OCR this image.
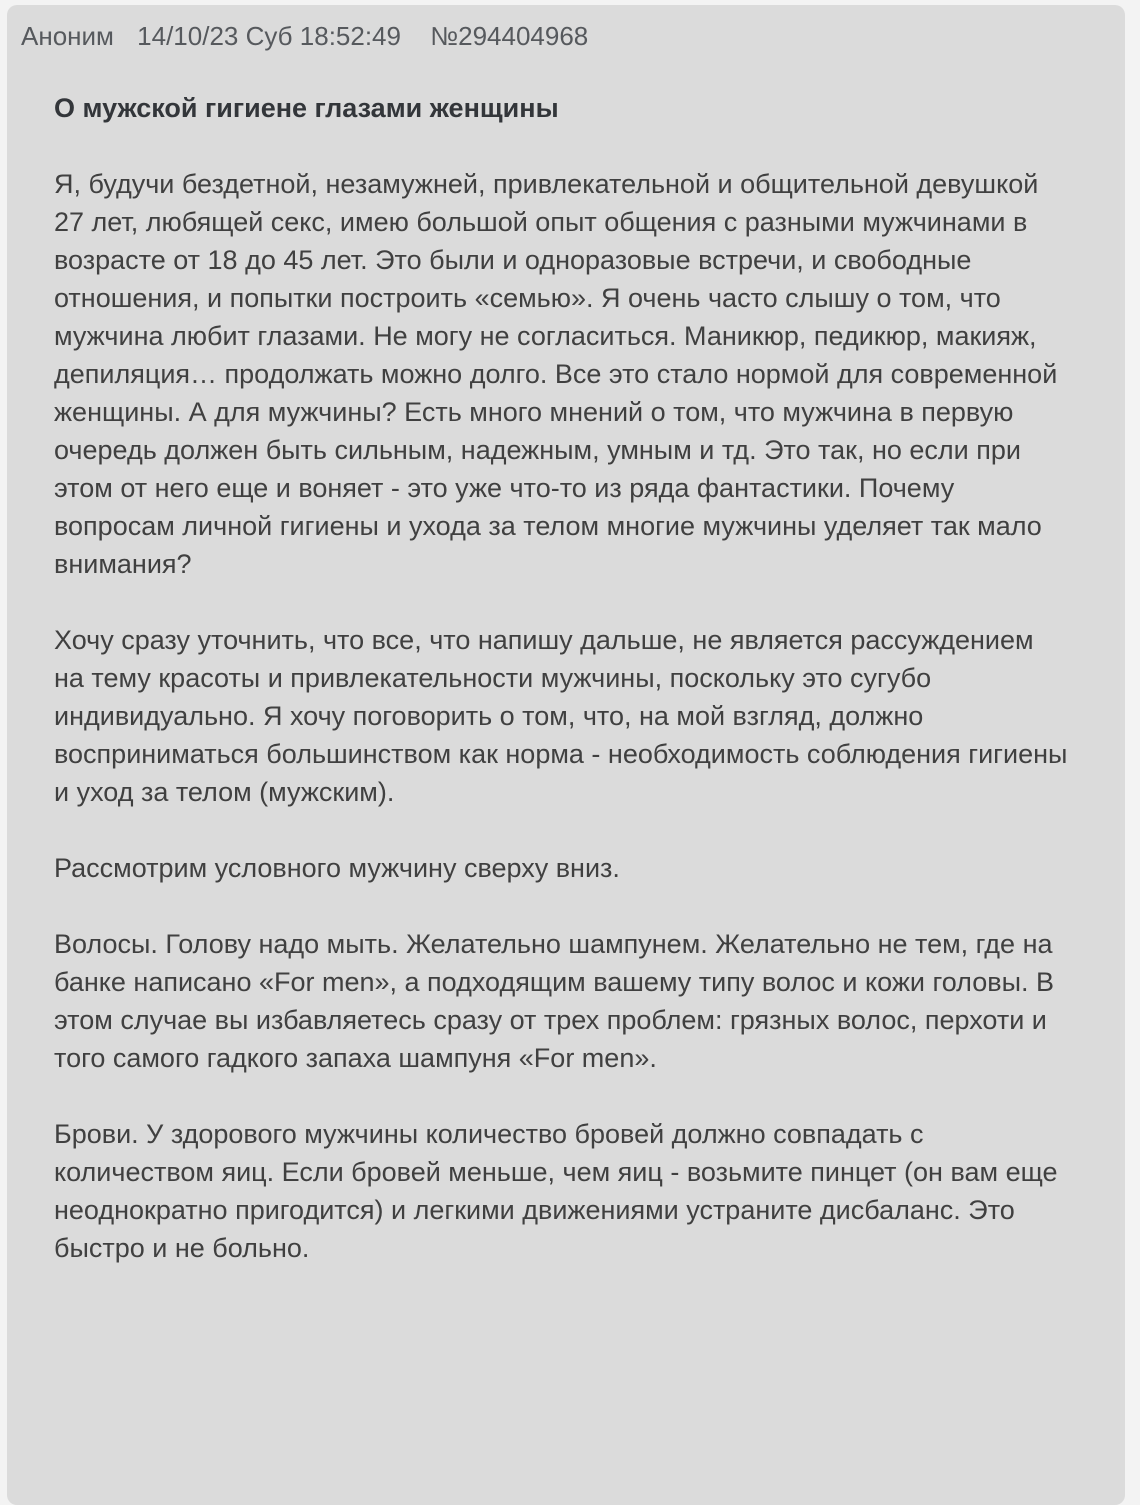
Аноним 14/10/23 Суб 18:52:49 №294404968
О мужской гигиене глазами женщины

Я, будучи бездетной, незамужней, привлекательной и общительной девушкой 27 лет, любящей секс, имею большой опыт общения с разными мужчинами в возрасте от 18 до 45 лет. Это были и одноразовые встречи, и свободные отношения, и попытки построить «семью». Я очень часто слышу о том, что мужчина любит глазами. Не могу не согласиться. Маникюр, педикюр, макияж, депиляция… продолжать можно долго. Все это стало нормой для современной женщины. А для мужчины? Есть много мнений о том, что мужчина в первую очередь должен быть сильным, надежным, умным и тд. Это так, но если при этом от него еще и воняет - это уже что-то из ряда фантастики. Почему вопросам личной гигиены и ухода за телом многие мужчины уделяет так мало внимания?

Хочу сразу уточнить, что все, что напишу дальше, не является рассуждением на тему красоты и привлекательности мужчины, поскольку это сугубо индивидуально. Я хочу поговорить о том, что, на мой взгляд, должно восприниматься большинством как норма - необходимость соблюдения гигиены и уход за телом (мужским).

Рассмотрим условного мужчину сверху вниз.

Волосы. Голову надо мыть. Желательно шампунем. Желательно не тем, где на банке написано «For men», а подходящим вашему типу волос и кожи головы. В этом случае вы избавляетесь сразу от трех проблем: грязных волос, перхоти и того самого гадкого запаха шампуня «For men».

Брови. У здорового мужчины количество бровей должно совпадать с количеством яиц. Если бровей меньше, чем яиц - возьмите пинцет (он вам еще неоднократно пригодится) и легкими движениями устраните дисбаланс. Это быстро и не больно.
